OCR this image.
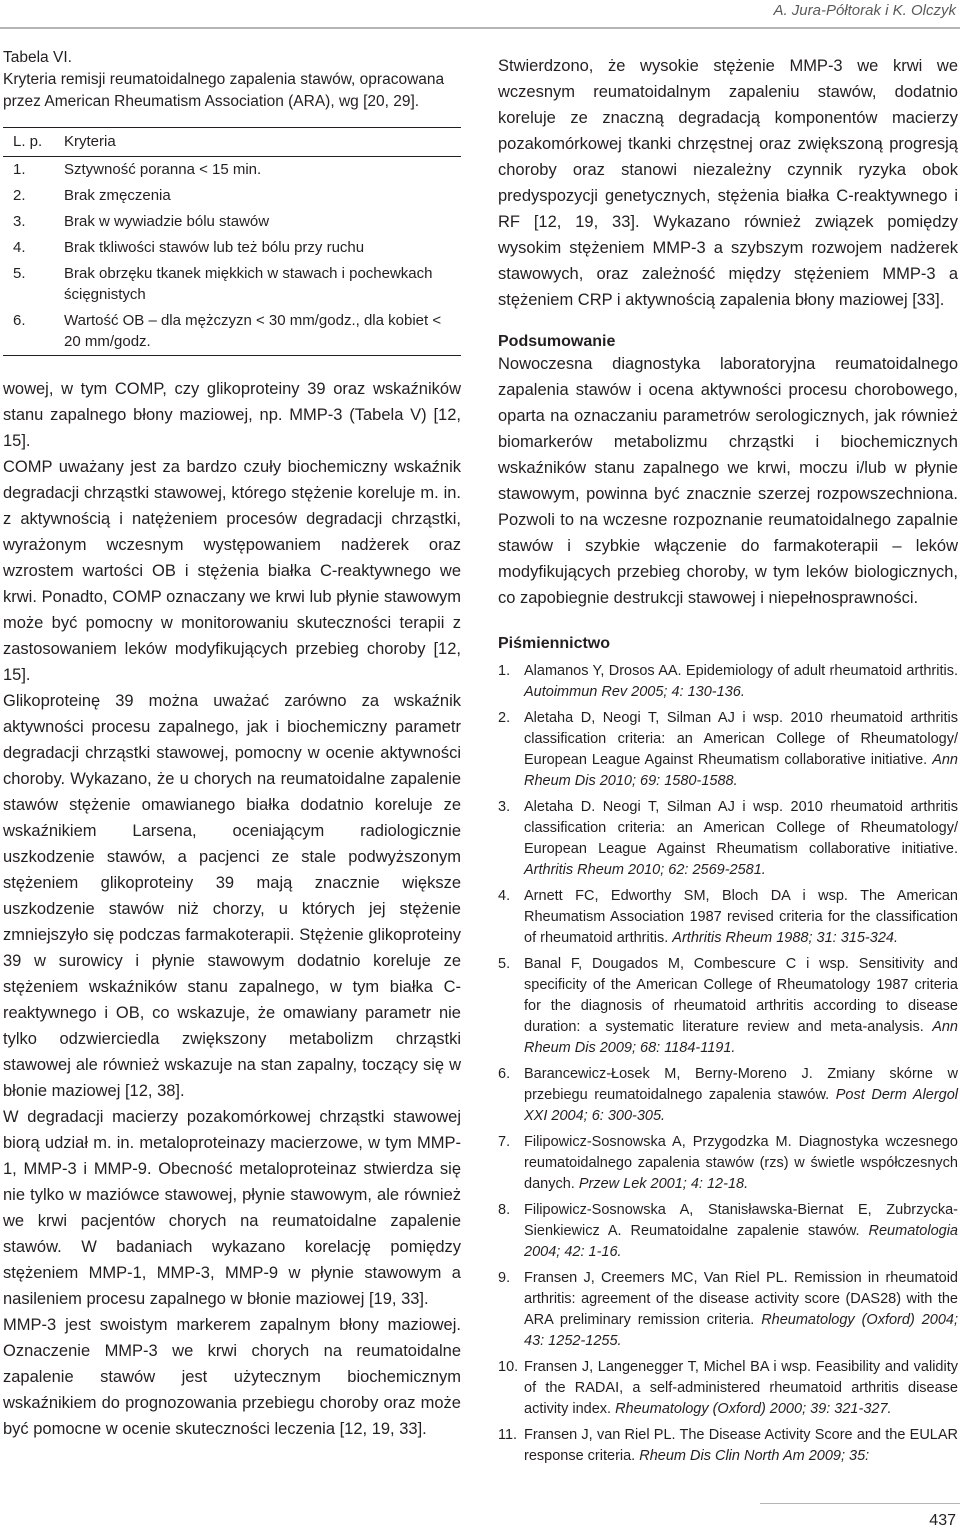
A. Jura-Półtorak i K. Olczyk
Tabela VI.
Kryteria remisji reumatoidalnego zapalenia stawów, opracowana przez American Rheumatism Association (ARA), wg [20, 29].
L. p.	Kryteria
1.	Sztywność poranna < 15 min.
2.	Brak zmęczenia
3.	Brak w wywiadzie bólu stawów
4.	Brak tkliwości stawów lub też bólu przy ruchu
5.	Brak obrzęku tkanek miękkich w stawach i pochewkach ścięgnistych
6.	Wartość OB – dla mężczyzn < 30 mm/godz., dla kobiet < 20 mm/godz.

wowej, w tym COMP, czy glikoproteiny 39 oraz wskaźników stanu zapalnego błony maziowej, np. MMP-3 (Tabela V) [12, 15].

COMP uważany jest za bardzo czuły biochemiczny wskaźnik degradacji chrząstki stawowej, którego stężenie koreluje m. in. z aktywnością i natężeniem procesów degradacji chrząstki, wyrażonym wczesnym występowaniem nadżerek oraz wzrostem wartości OB i stężenia białka C-reaktywnego we krwi. Ponadto, COMP oznaczany we krwi lub płynie stawowym może być pomocny w monitorowaniu skuteczności terapii z zastosowaniem leków modyfikujących przebieg choroby [12, 15].

Glikoproteinę 39 można uważać zarówno za wskaźnik aktywności procesu zapalnego, jak i biochemiczny parametr degradacji chrząstki stawowej, pomocny w ocenie aktywności choroby. Wykazano, że u chorych na reumatoidalne zapalenie stawów stężenie omawianego białka dodatnio koreluje ze wskaźnikiem Larsena, oceniającym radiologicznie uszkodzenie stawów, a pacjenci ze stale podwyższonym stężeniem glikoproteiny 39 mają znacznie większe uszkodzenie stawów niż chorzy, u których jej stężenie zmniejszyło się podczas farmakoterapii. Stężenie glikoproteiny 39 w surowicy i płynie stawowym dodatnio koreluje ze stężeniem wskaźników stanu zapalnego, w tym białka C-reaktywnego i OB, co wskazuje, że omawiany parametr nie tylko odzwierciedla zwiększony metabolizm chrząstki stawowej ale również wskazuje na stan zapalny, toczący się w błonie maziowej [12, 38].

W degradacji macierzy pozakomórkowej chrząstki stawowej biorą udział m. in. metaloproteinazy macierzowe, w tym MMP-1, MMP-3 i MMP-9. Obecność metaloproteinaz stwierdza się nie tylko w maziówce stawowej, płynie stawowym, ale również we krwi pacjentów chorych na reumatoidalne zapalenie stawów. W badaniach wykazano korelację pomiędzy stężeniem MMP-1, MMP-3, MMP-9 w płynie stawowym a nasileniem procesu zapalnego w błonie maziowej [19, 33].

MMP-3 jest swoistym markerem zapalnym błony maziowej. Oznaczenie MMP-3 we krwi chorych na reumatoidalne zapalenie stawów jest użytecznym biochemicznym wskaźnikiem do prognozowania przebiegu choroby oraz może być pomocne w ocenie skuteczności leczenia [12, 19, 33].

Stwierdzono, że wysokie stężenie MMP-3 we krwi we wczesnym reumatoidalnym zapaleniu stawów, dodatnio koreluje ze znaczną degradacją komponentów macierzy pozakomórkowej tkanki chrzęstnej oraz zwiększoną progresją choroby oraz stanowi niezależny czynnik ryzyka obok predyspozycji genetycznych, stężenia białka C-reaktywnego i RF [12, 19, 33]. Wykazano również związek pomiędzy wysokim stężeniem MMP-3 a szybszym rozwojem nadżerek stawowych, oraz zależność między stężeniem MMP-3 a stężeniem CRP i aktywnością zapalenia błony maziowej [33].

Podsumowanie

Nowoczesna diagnostyka laboratoryjna reumatoidalnego zapalenia stawów i ocena aktywności procesu chorobowego, oparta na oznaczaniu parametrów serologicznych, jak również biomarkerów metabolizmu chrząstki i biochemicznych wskaźników stanu zapalnego we krwi, moczu i/lub w płynie stawowym, powinna być znacznie szerzej rozpowszechniona. Pozwoli to na wczesne rozpoznanie reumatoidalnego zapalnie stawów i szybkie włączenie do farmakoterapii – leków modyfikujących przebieg choroby, w tym leków biologicznych, co zapobiegnie destrukcji stawowej i niepełnosprawności.

Piśmiennictwo
1. Alamanos Y, Drosos AA. Epidemiology of adult rheumatoid arthritis. Autoimmun Rev 2005; 4: 130-136.
2. Aletaha D, Neogi T, Silman AJ i wsp. 2010 rheumatoid arthritis classification criteria: an American College of Rheumatology/ European League Against Rheumatism collaborative initiative. Ann Rheum Dis 2010; 69: 1580-1588.
3. Aletaha D. Neogi T, Silman AJ i wsp. 2010 rheumatoid arthritis classification criteria: an American College of Rheumatology/ European League Against Rheumatism collaborative initiative. Arthritis Rheum 2010; 62: 2569-2581.
4. Arnett FC, Edworthy SM, Bloch DA i wsp. The American Rheumatism Association 1987 revised criteria for the classification of rheumatoid arthritis. Arthritis Rheum 1988; 31: 315-324.
5. Banal F, Dougados M, Combescure C i wsp. Sensitivity and specificity of the American College of Rheumatology 1987 criteria for the diagnosis of rheumatoid arthritis according to disease duration: a systematic literature review and meta-analysis. Ann Rheum Dis 2009; 68: 1184-1191.
6. Barancewicz-Łosek M, Berny-Moreno J. Zmiany skórne w przebiegu reumatoidalnego zapalenia stawów. Post Derm Alergol XXI 2004; 6: 300-305.
7. Filipowicz-Sosnowska A, Przygodzka M. Diagnostyka wczesnego reumatoidalnego zapalenia stawów (rzs) w świetle współczesnych danych. Przew Lek 2001; 4: 12-18.
8. Filipowicz-Sosnowska A, Stanisławska-Biernat E, Zubrzycka-Sienkiewicz A. Reumatoidalne zapalenie stawów. Reumatologia 2004; 42: 1-16.
9. Fransen J, Creemers MC, Van Riel PL. Remission in rheumatoid arthritis: agreement of the disease activity score (DAS28) with the ARA preliminary remission criteria. Rheumatology (Oxford) 2004; 43: 1252-1255.
10. Fransen J, Langenegger T, Michel BA i wsp. Feasibility and validity of the RADAI, a self-administered rheumatoid arthritis disease activity index. Rheumatology (Oxford) 2000; 39: 321-327.
11. Fransen J, van Riel PL. The Disease Activity Score and the EULAR response criteria. Rheum Dis Clin North Am 2009; 35:
437
